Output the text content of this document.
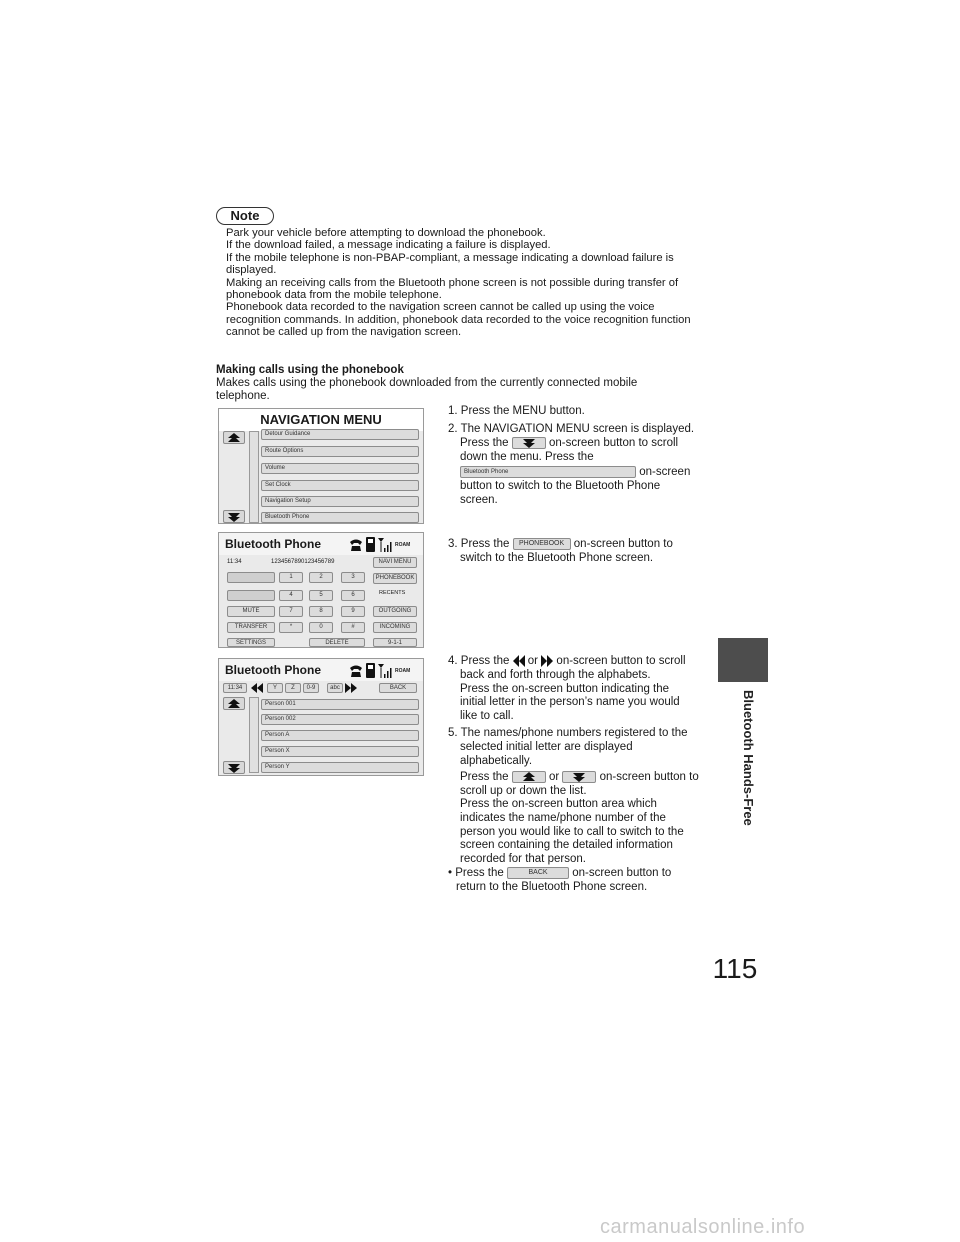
Note

Park your vehicle before attempting to download the phonebook.

If the download failed, a message indicating a failure is displayed.

If the mobile telephone is non-PBAP-compliant, a message indicating a download failure is displayed.

Making an receiving calls from the Bluetooth phone screen is not possible during transfer of phonebook data from the mobile telephone.

Phonebook data recorded to the navigation screen cannot be called up using the voice recognition commands. In addition, phonebook data recorded to the voice recognition function cannot be called up from the navigation screen.

Making calls using the phonebook
Makes calls using the phonebook downloaded from the currently connected mobile telephone.
NAVIGATION MENU
Detour Guidance
Route Options
Volume
Set Clock
Navigation Setup
Bluetooth Phone
Bluetooth Phone	ROAM
11:34	1234567890123456789
MUTE
TRANSFER
SETTINGS
1	2	3
4	5	6
7	8	9
*	0	#
DELETE
NAVI MENU
PHONEBOOK
RECENTS
OUTGOING
INCOMING
9-1-1
Bluetooth Phone	ROAM
11:34	Y	Z	0-9	abc	BACK
Person 001
Person 002
Person A
Person X
Person Y

1. Press the MENU button.

2. The NAVIGATION MENU screen is displayed.

Press the	on-screen button to scroll

down the menu. Press the

Bluetooth Phone	on-screen

button to switch to the Bluetooth Phone

screen.

3. Press the PHONEBOOK on-screen button to

switch to the Bluetooth Phone screen.

4. Press the or on-screen button to scroll

back and forth through the alphabets.

Press the on-screen button indicating the

initial letter in the person’s name you would

like to call.

5. The names/phone numbers registered to the

selected initial letter are displayed

alphabetically.

Press the	or	on-screen button to

scroll up or down the list.

Press the on-screen button area which

indicates the name/phone number of the

person you would like to call to switch to the

screen containing the detailed information

recorded for that person.

• Press the	BACK on-screen button to

return to the Bluetooth Phone screen.

Bluetooth Hands-Free
115
carmanualsonline.info
